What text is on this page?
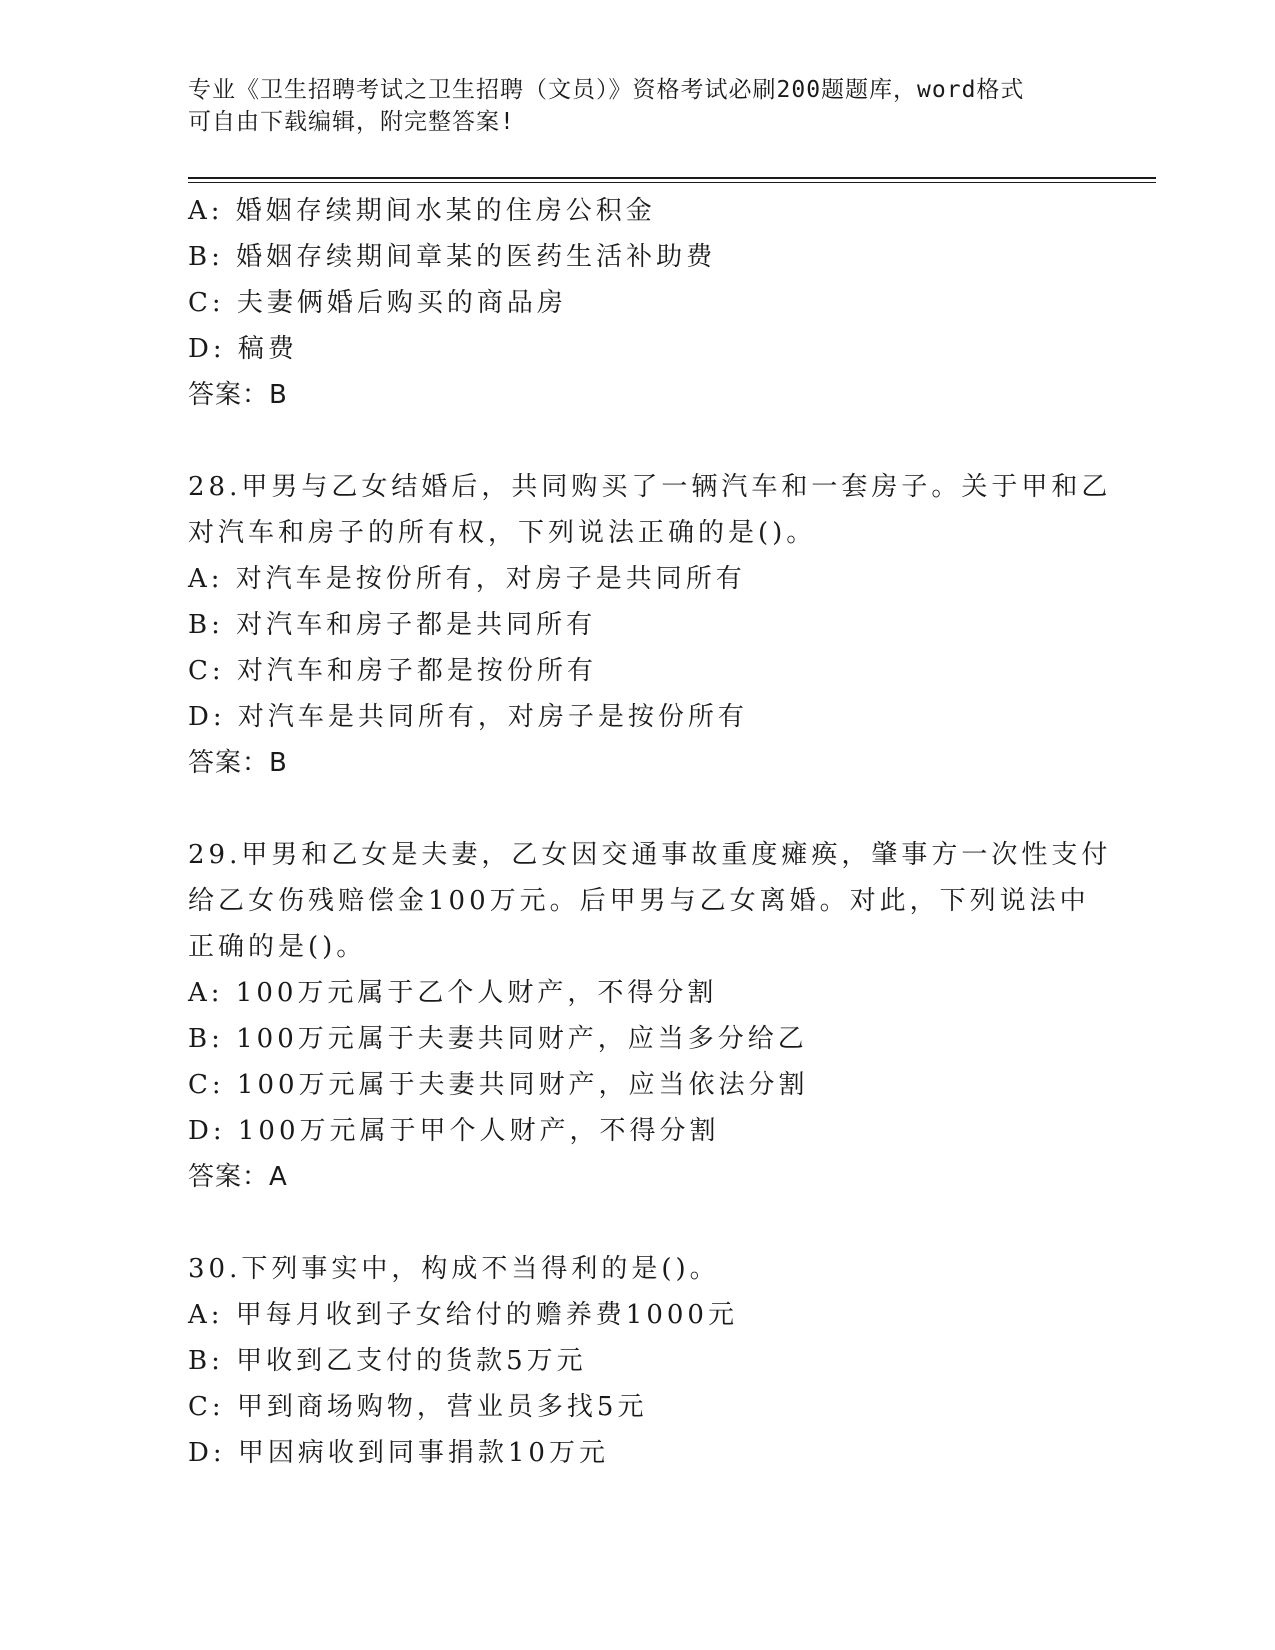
专业《卫生招聘考试之卫生招聘（文员）》资格考试必刷200题题库，word格式
可自由下载编辑，附完整答案!
A: 婚姻存续期间水某的住房公积金
B: 婚姻存续期间章某的医药生活补助费
C: 夫妻俩婚后购买的商品房
D: 稿费
答案：B
28.甲男与乙女结婚后，共同购买了一辆汽车和一套房子。关于甲和乙
对汽车和房子的所有权，下列说法正确的是()。
A: 对汽车是按份所有，对房子是共同所有
B: 对汽车和房子都是共同所有
C: 对汽车和房子都是按份所有
D: 对汽车是共同所有，对房子是按份所有
答案：B
29.甲男和乙女是夫妻，乙女因交通事故重度瘫痪，肇事方一次性支付
给乙女伤残赔偿金100万元。后甲男与乙女离婚。对此，下列说法中
正确的是()。
A: 100万元属于乙个人财产，不得分割
B: 100万元属于夫妻共同财产，应当多分给乙
C: 100万元属于夫妻共同财产，应当依法分割
D: 100万元属于甲个人财产，不得分割
答案：A
30.下列事实中，构成不当得利的是()。
A: 甲每月收到子女给付的赡养费1000元
B: 甲收到乙支付的货款5万元
C: 甲到商场购物，营业员多找5元
D: 甲因病收到同事捐款10万元
